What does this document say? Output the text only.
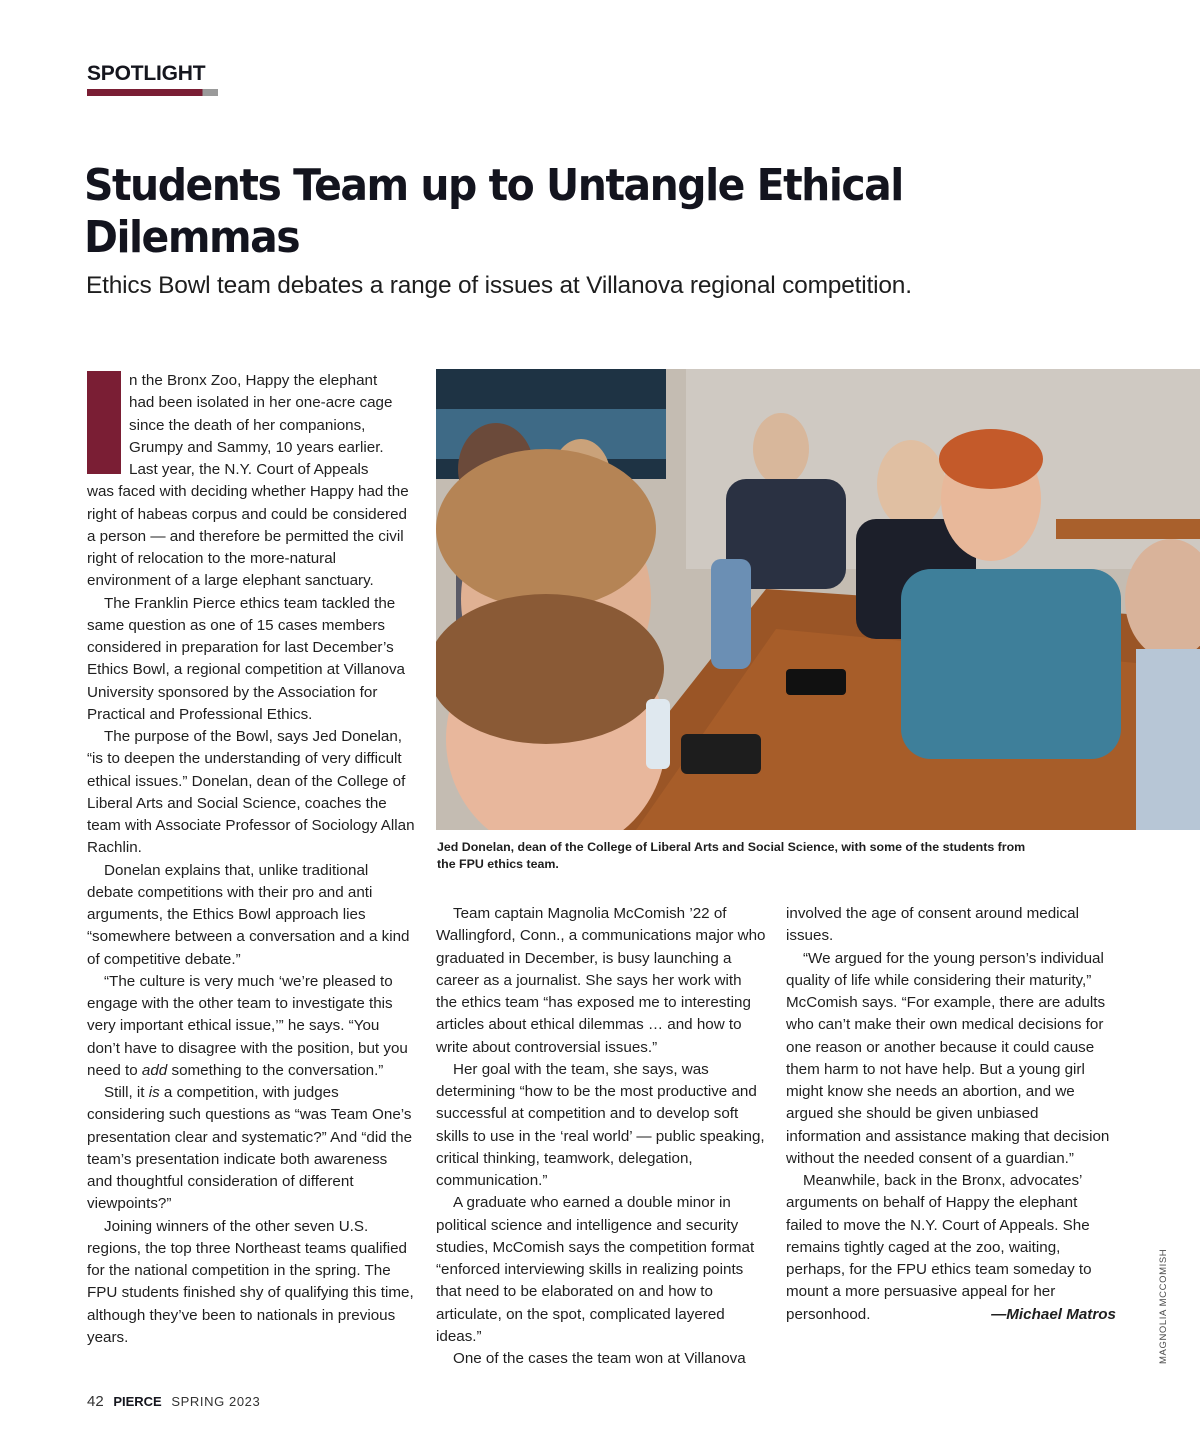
SPOTLIGHT
Students Team up to Untangle Ethical Dilemmas
Ethics Bowl team debates a range of issues at Villanova regional competition.

n the Bronx Zoo, Happy the elephant
had been isolated in her one-acre cage
since the death of her companions,
Grumpy and Sammy, 10 years earlier.
Last year, the N.Y. Court of Appeals
was faced with deciding whether Happy had the right of habeas corpus and could be considered a person — and therefore be permitted the civil right of relocation to the more-natural environment of a large elephant sanctuary.

The Franklin Pierce ethics team tackled the same question as one of 15 cases members considered in preparation for last December’s Ethics Bowl, a regional competition at Villanova University sponsored by the Association for Practical and Professional Ethics.

The purpose of the Bowl, says Jed Donelan, “is to deepen the understanding of very difficult ethical issues.” Donelan, dean of the College of Liberal Arts and Social Science, coaches the team with Associate Professor of Sociology Allan Rachlin.

Donelan explains that, unlike traditional debate competitions with their pro and anti arguments, the Ethics Bowl approach lies “somewhere between a conversation and a kind of competitive debate.”

“The culture is very much ‘we’re pleased to engage with the other team to investigate this very important ethical issue,’” he says. “You don’t have to disagree with the position, but you need to add something to the conversation.”

Still, it is a competition, with judges considering such questions as “was Team One’s presentation clear and systematic?” And “did the team’s presentation indicate both awareness and thoughtful consideration of different viewpoints?”

Joining winners of the other seven U.S. regions, the top three Northeast teams qualified for the national competition in the spring. The FPU students finished shy of qualifying this time, although they’ve been to nationals in previous years.

Jed Donelan, dean of the College of Liberal Arts and Social Science, with some of the students from the FPU ethics team.

Team captain Magnolia McComish ’22 of Wallingford, Conn., a communications major who graduated in December, is busy launching a career as a journalist. She says her work with the ethics team “has exposed me to interesting articles about ethical dilemmas … and how to write about controversial issues.”

Her goal with the team, she says, was determining “how to be the most productive and successful at competition and to develop soft skills to use in the ‘real world’ — public speaking, critical thinking, teamwork, delegation, communication.”

A graduate who earned a double minor in political science and intelligence and security studies, McComish says the competition format “enforced interviewing skills in realizing points that need to be elaborated on and how to articulate, on the spot, complicated layered ideas.”

One of the cases the team won at Villanova

involved the age of consent around medical issues.

“We argued for the young person’s individual quality of life while considering their maturity,” McComish says. “For example, there are adults who can’t make their own medical decisions for one reason or another because it could cause them harm to not have help. But a young girl might know she needs an abortion, and we argued she should be given unbiased information and assistance making that decision without the needed consent of a guardian.”

Meanwhile, back in the Bronx, advocates’ arguments on behalf of Happy the elephant failed to move the N.Y. Court of Appeals. She remains tightly caged at the zoo, waiting, perhaps, for the FPU ethics team someday to mount a more persuasive appeal for her personhood.	—Michael Matros	MAGNOLIA MCCOMISH
42 PIERCE SPRING 2023
